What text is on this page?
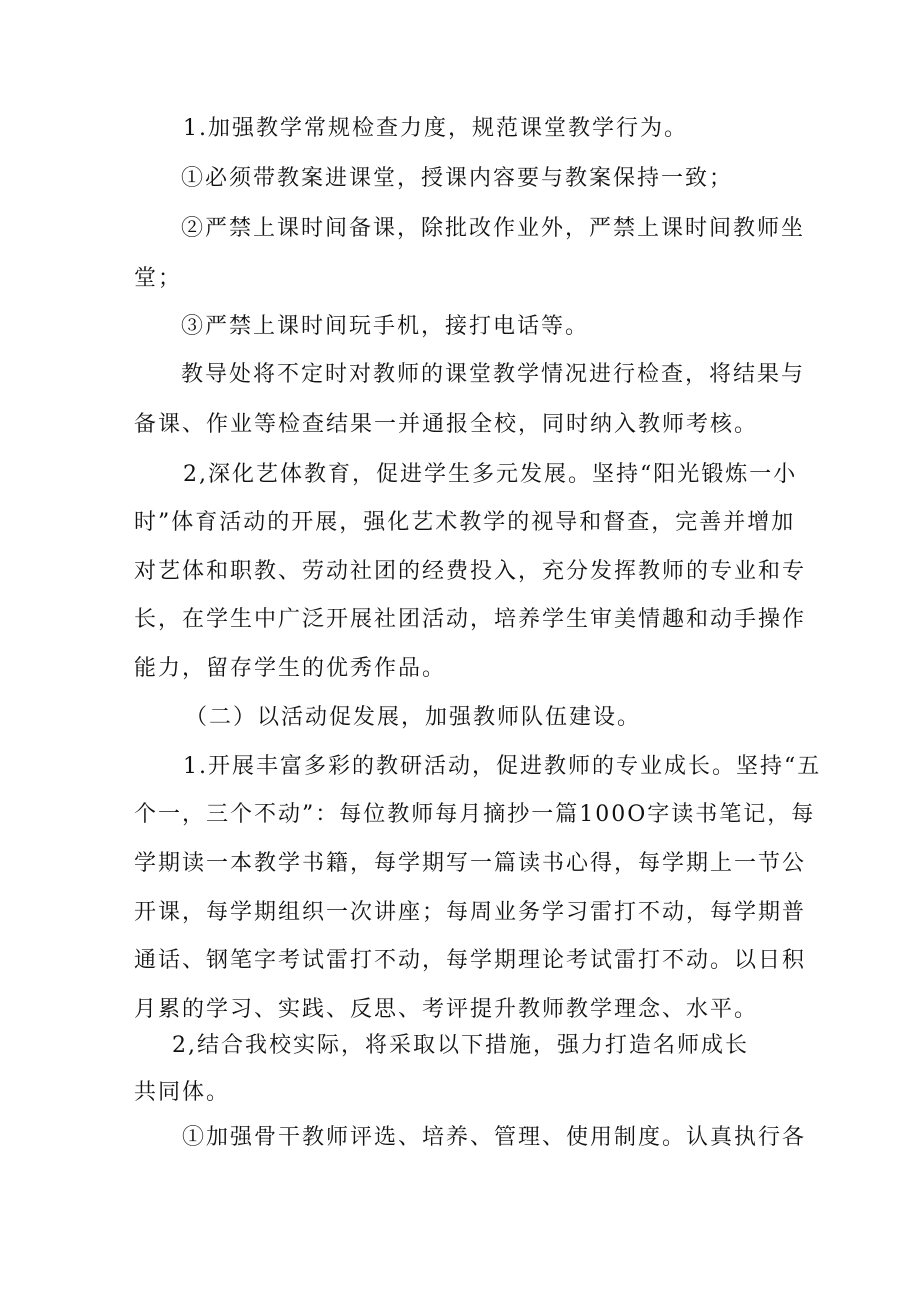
1.加强教学常规检查力度，规范课堂教学行为。
①必须带教案进课堂，授课内容要与教案保持一致；
②严禁上课时间备课，除批改作业外，严禁上课时间教师坐
堂；
③严禁上课时间玩手机，接打电话等。
教导处将不定时对教师的课堂教学情况进行检查，将结果与
备课、作业等检查结果一并通报全校，同时纳入教师考核。
2,深化艺体教育，促进学生多元发展。坚持“阳光锻炼一小
时”体育活动的开展，强化艺术教学的视导和督查，完善并增加
对艺体和职教、劳动社团的经费投入，充分发挥教师的专业和专
长，在学生中广泛开展社团活动，培养学生审美情趣和动手操作
能力，留存学生的优秀作品。
（二）以活动促发展，加强教师队伍建设。
1.开展丰富多彩的教研活动，促进教师的专业成长。坚持“五
个一，三个不动”：每位教师每月摘抄一篇100O字读书笔记，每
学期读一本教学书籍，每学期写一篇读书心得，每学期上一节公
开课，每学期组织一次讲座；每周业务学习雷打不动，每学期普
通话、钢笔字考试雷打不动，每学期理论考试雷打不动。以日积
月累的学习、实践、反思、考评提升教师教学理念、水平。
2,结合我校实际，将采取以下措施，强力打造名师成长
共同体。
①加强骨干教师评选、培养、管理、使用制度。认真执行各
